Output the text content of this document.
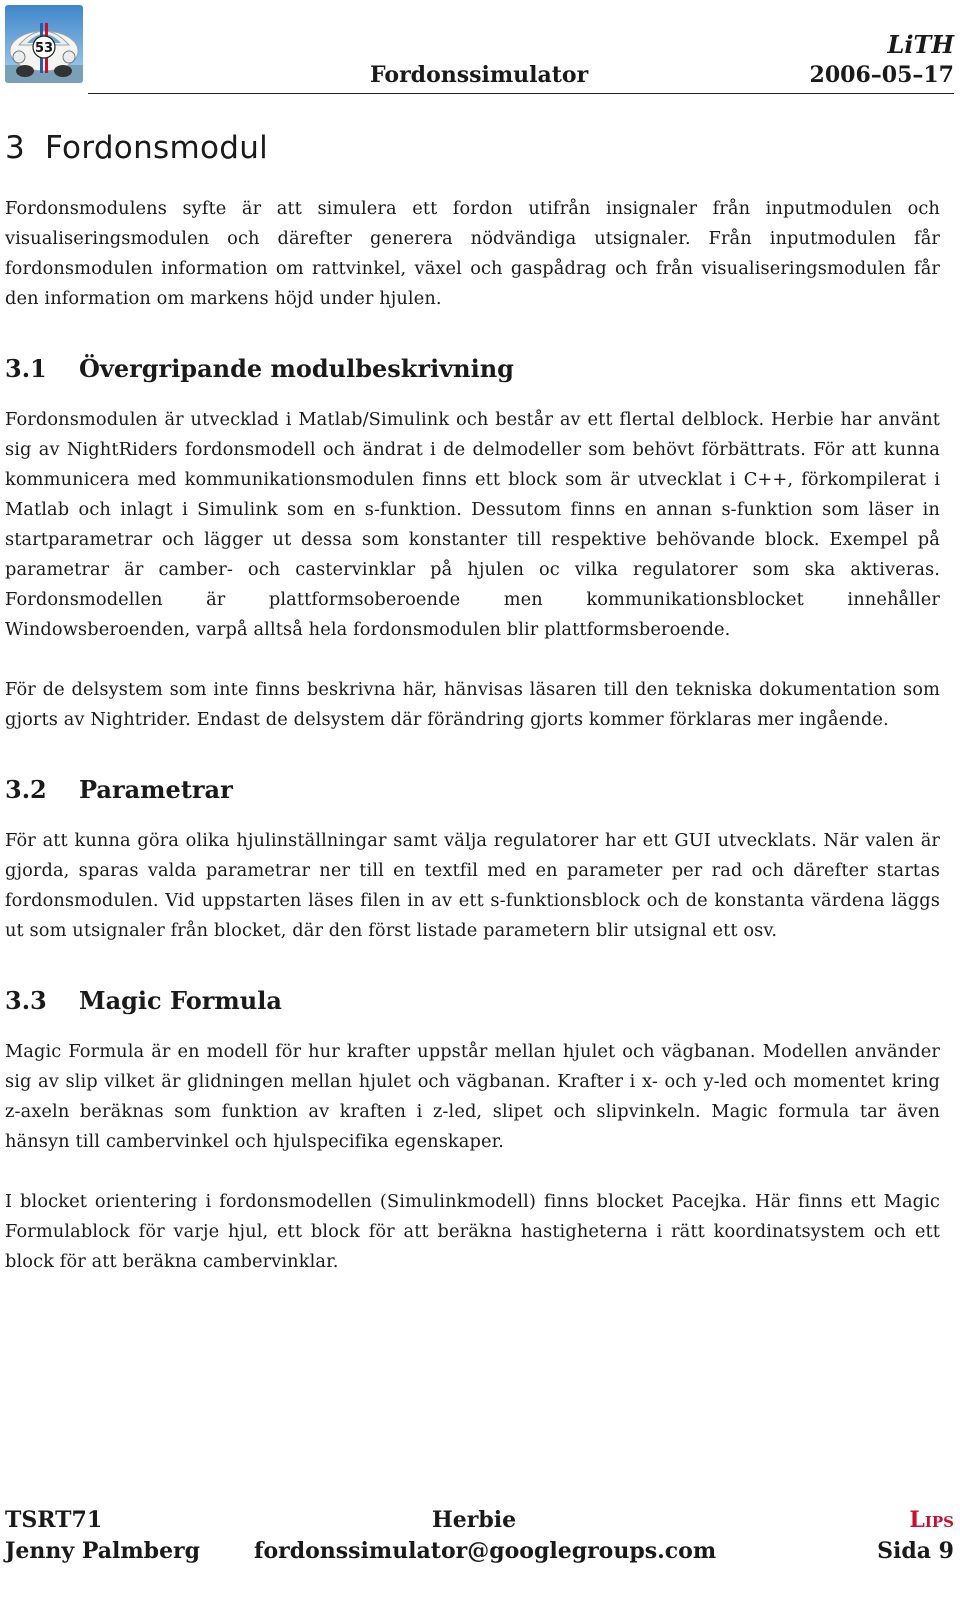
53	LiTH
Fordonssimulator	2006–05–17
3 Fordonsmodul

Fordonsmodulens syfte är att simulera ett fordon utifrån insignaler från inputmodulen och visualiseringsmodulen och därefter generera nödvändiga utsignaler. Från inputmodulen får fordonsmodulen information om rattvinkel, växel och gaspådrag och från visualiseringsmodulen får den information om markens höjd under hjulen.

3.1 Övergripande modulbeskrivning

Fordonsmodulen är utvecklad i Matlab/Simulink och består av ett flertal delblock. Herbie har använt sig av NightRiders fordonsmodell och ändrat i de delmodeller som behövt förbättrats. För att kunna kommunicera med kommunikationsmodulen finns ett block som är utvecklat i C++, förkompilerat i Matlab och inlagt i Simulink som en s-funktion. Dessutom finns en annan s-funktion som läser in startparametrar och lägger ut dessa som konstanter till respektive behövande block. Exempel på parametrar är camber- och castervinklar på hjulen oc vilka regulatorer som ska aktiveras. Fordonsmodellen är plattformsoberoende men kommunikationsblocket innehåller Windowsberoenden, varpå alltså hela fordonsmodulen blir plattformsberoende.

För de delsystem som inte finns beskrivna här, hänvisas läsaren till den tekniska dokumentation som gjorts av Nightrider. Endast de delsystem där förändring gjorts kommer förklaras mer ingående.

3.2 Parametrar

För att kunna göra olika hjulinställningar samt välja regulatorer har ett GUI utvecklats. När valen är gjorda, sparas valda parametrar ner till en textfil med en parameter per rad och därefter startas fordonsmodulen. Vid uppstarten läses filen in av ett s-funktionsblock och de konstanta värdena läggs ut som utsignaler från blocket, där den först listade parametern blir utsignal ett osv.

3.3 Magic Formula

Magic Formula är en modell för hur krafter uppstår mellan hjulet och vägbanan. Modellen använder sig av slip vilket är glidningen mellan hjulet och vägbanan. Krafter i x- och y-led och momentet kring z-axeln beräknas som funktion av kraften i z-led, slipet och slipvinkeln. Magic formula tar även hänsyn till cambervinkel och hjulspecifika egenskaper.

I blocket orientering i fordonsmodellen (Simulinkmodell) finns blocket Pacejka. Här finns ett Magic Formulablock för varje hjul, ett block för att beräkna hastigheterna i rätt koordinatsystem och ett block för att beräkna cambervinklar.

TSRT71
Jenny Palmberg
Herbie
fordonssimulator@googlegroups.com
Lips
Sida 9
